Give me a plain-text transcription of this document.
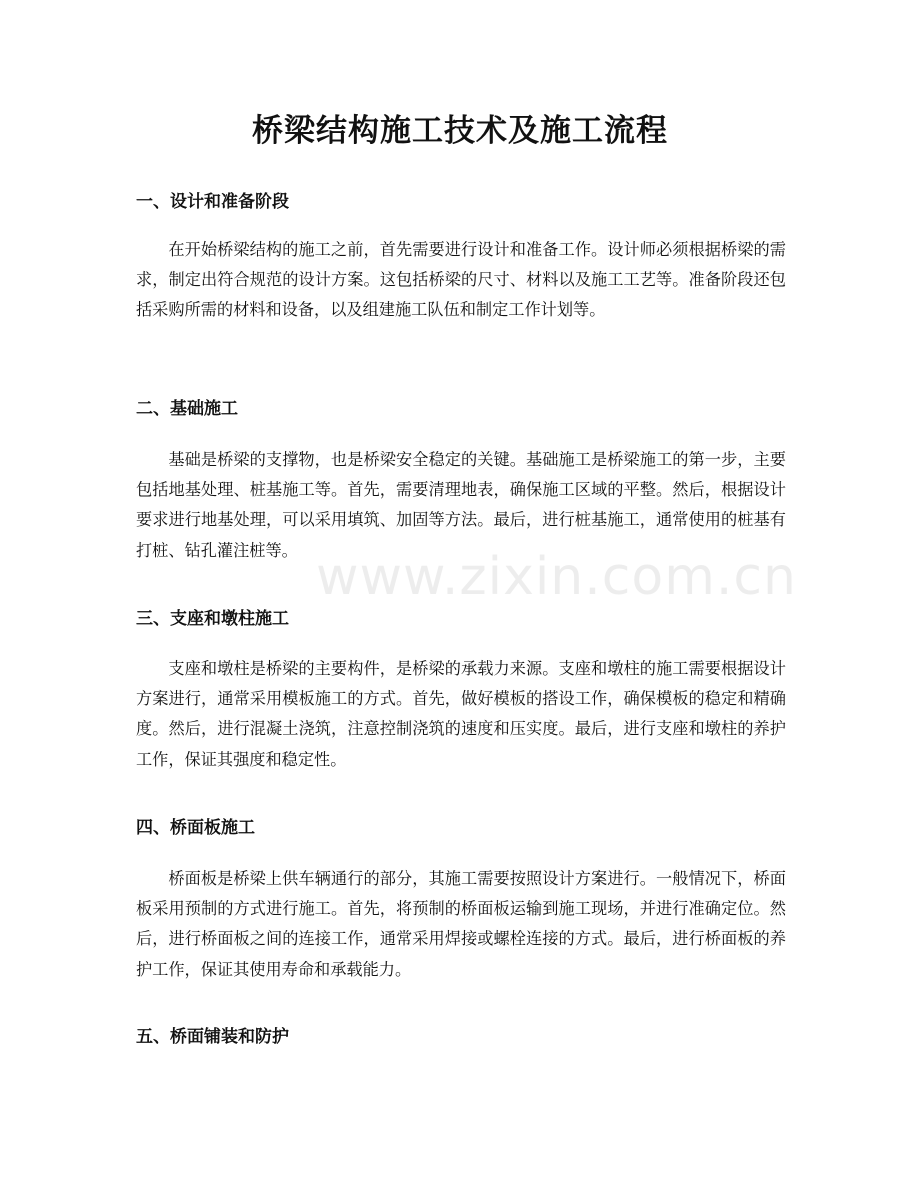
桥梁结构施工技术及施工流程
一、设计和准备阶段

在开始桥梁结构的施工之前，首先需要进行设计和准备工作。设计师必须根据桥梁的需求，制定出符合规范的设计方案。这包括桥梁的尺寸、材料以及施工工艺等。准备阶段还包括采购所需的材料和设备，以及组建施工队伍和制定工作计划等。

二、基础施工

基础是桥梁的支撑物，也是桥梁安全稳定的关键。基础施工是桥梁施工的第一步，主要包括地基处理、桩基施工等。首先，需要清理地表，确保施工区域的平整。然后，根据设计要求进行地基处理，可以采用填筑、加固等方法。最后，进行桩基施工，通常使用的桩基有打桩、钻孔灌注桩等。

三、支座和墩柱施工

支座和墩柱是桥梁的主要构件，是桥梁的承载力来源。支座和墩柱的施工需要根据设计方案进行，通常采用模板施工的方式。首先，做好模板的搭设工作，确保模板的稳定和精确度。然后，进行混凝土浇筑，注意控制浇筑的速度和压实度。最后，进行支座和墩柱的养护工作，保证其强度和稳定性。

四、桥面板施工

桥面板是桥梁上供车辆通行的部分，其施工需要按照设计方案进行。一般情况下，桥面板采用预制的方式进行施工。首先，将预制的桥面板运输到施工现场，并进行准确定位。然后，进行桥面板之间的连接工作，通常采用焊接或螺栓连接的方式。最后，进行桥面板的养护工作，保证其使用寿命和承载能力。

五、桥面铺装和防护
www.zixin.com.cn
